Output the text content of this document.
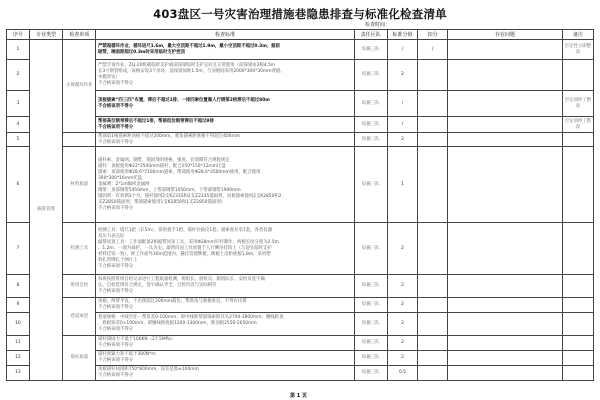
403盘区一号灾害治理措施巷隐患排查与标准化检查清单
检查时间：
序号	专业类型	检查单项	检查标准	责任区队	标准分值	扣分	存在问题	备注
1	掘进管理	正规循环作业	严禁超循环作业，循环进尺1.6m，最大空顶距不超过1.9m，最小空顶距不超过0.3m；掘前
破帮，端面距超过0.3m时采用临时支护控顶	综掘三队	/	/		否定性立即整改
2			严禁空顶作业，ZLJ-20机载临时支护或前探梁临时支护完好且正常使用（前探梁由3根4.5m
长3寸钢管组成，每根安设3个吊环，前探梁间距1.5m，与顶板间采用2000*300*30mm背板、
木楔背实）
不合格该项不得分	综掘三队	2			
3			顶板锚索“四三四”布置，滞后不超过1排；一排四索位置靠人行侧第2根滞后不超过80m
不合格该项不得分	综掘三队	/			否定项停工整改
4			帮部高位钢带滞后不超过1排，帮部低位钢带滞后不超过8排
不合格该项不得分	综掘三队	/			否定项停工整改
5			帮部第1根锚索距顶板不超过200mm，底角锚索距底板不得超过400mm
不合格该项不得分	综掘三队	2			
6	材料质量	
锚杆索、金属网、钢带、锚固剂的规格、强度、有效期符合规程规定
锚杆：顶板使用Φ22*2500mm锚杆，配合150*150*12mm托盘
锚索：顶部使用Φ28.6*7100mm锚索，帮部使用Φ28.6*3500mm使用，配合使用
300*300*16mm托盘
金属网：2*1m编织金属网
钢带：顶部钢带5450mm，上帮部钢带1050mm，下帮部钢带1900mm
锚固剂：有效期3个月，锚杆使用2支K2335和2支Z2335锚固剂，顶板锚索使用2支K2850和2
支Z2850锚固剂，帮部锚索使用1支K2850和1支Z2850锚固剂）
不合格该项不得分
	综掘三队	1			
7	检测工具	
检测工具：塔尺1把（长5m）、扭矩扳手1把、锚杆拉拔仪1套、锚索张拉泵1套，各类仪器
及压力表完好
敲帮问顶工具：工作面配备2根敲帮问顶工具，采用Φ28mm钎杆制作，两根长度分别为2.5m
、1.2m，一端为扁铲，一头为尖。敲帮问顶工具放置于人行侧吊挂钩上（与迎头临时支护
材料挂钩一致），距工作面外30m范围内，悬挂管理牌板，牌板上沿距底板1.8m，采用塑
料扎带绑扎于网片上
不合格该项不得分
	综掘三队	2			
8		班组自检	每班按照班组自检记录进行工程质量检测，班组长、验收员、跟班队长、安检员签字确
认，自检范围符合规定，签字确认齐全，自检内容与实际相符
不合格该项不得分	综掘三队	2			
9		巷道成型	顶板、两帮平直，不出现超过200mm鼓包；帮底角与底板垂直，不得有托煤
不合格该项不得分	综掘三队	2			
10			巷道规格：中线至任一帮误差0-100mm，即中线距帮部锚索锁具头2700-2800mm；腰线距顶
、底板误差0+100mm，即腰线距底板1200-1300mm，距顶板2550-2650mm
不合格该项不得分	综掘三队	2			
11		锚杆质量	锚杆锚固力不低于100KN（27.5MPa）
不合格该项不得分	综掘三队	2			
12			锚杆预紧力矩不低于300N*m
不合格该项不得分	综掘三队	2			
13			顶板锚杆间排距750*800mm，误差范围±100mm
不合格该项不得分	综掘三队	0.5			
第 1 页
